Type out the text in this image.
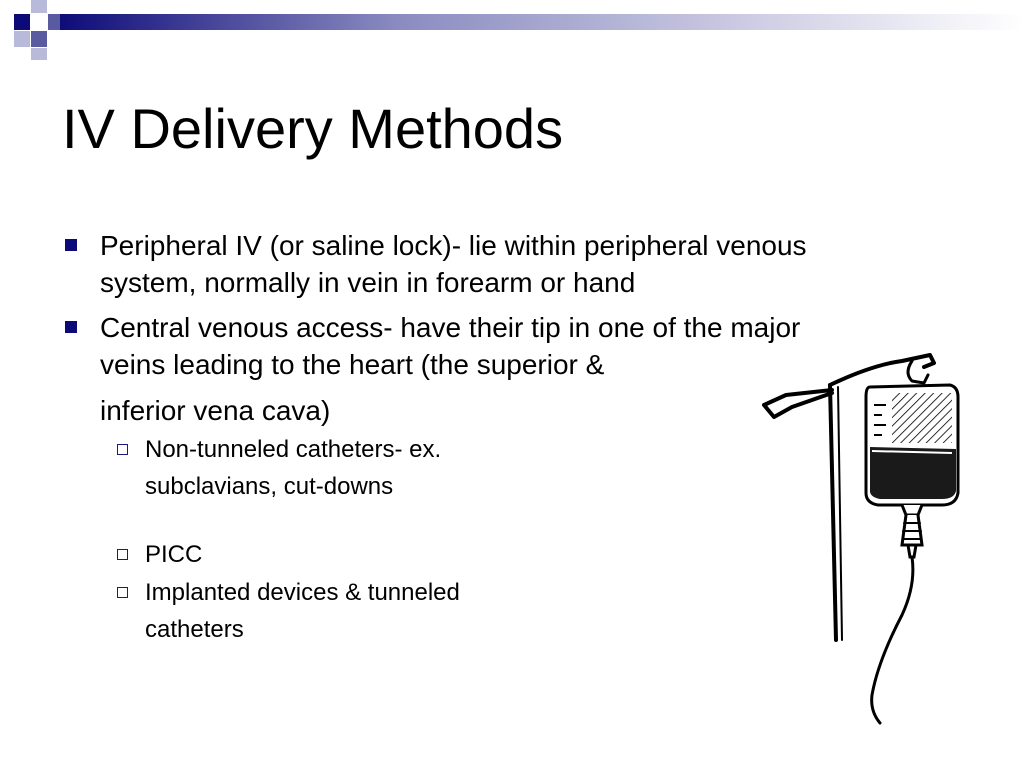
IV Delivery Methods
Peripheral IV (or saline lock)- lie within peripheral venous
system, normally in vein in forearm or hand
Central venous access- have their tip in one of the major
veins leading to the heart (the superior &
inferior vena cava)
Non-tunneled catheters- ex.
subclavians, cut-downs
PICC
Implanted devices & tunneled
catheters
